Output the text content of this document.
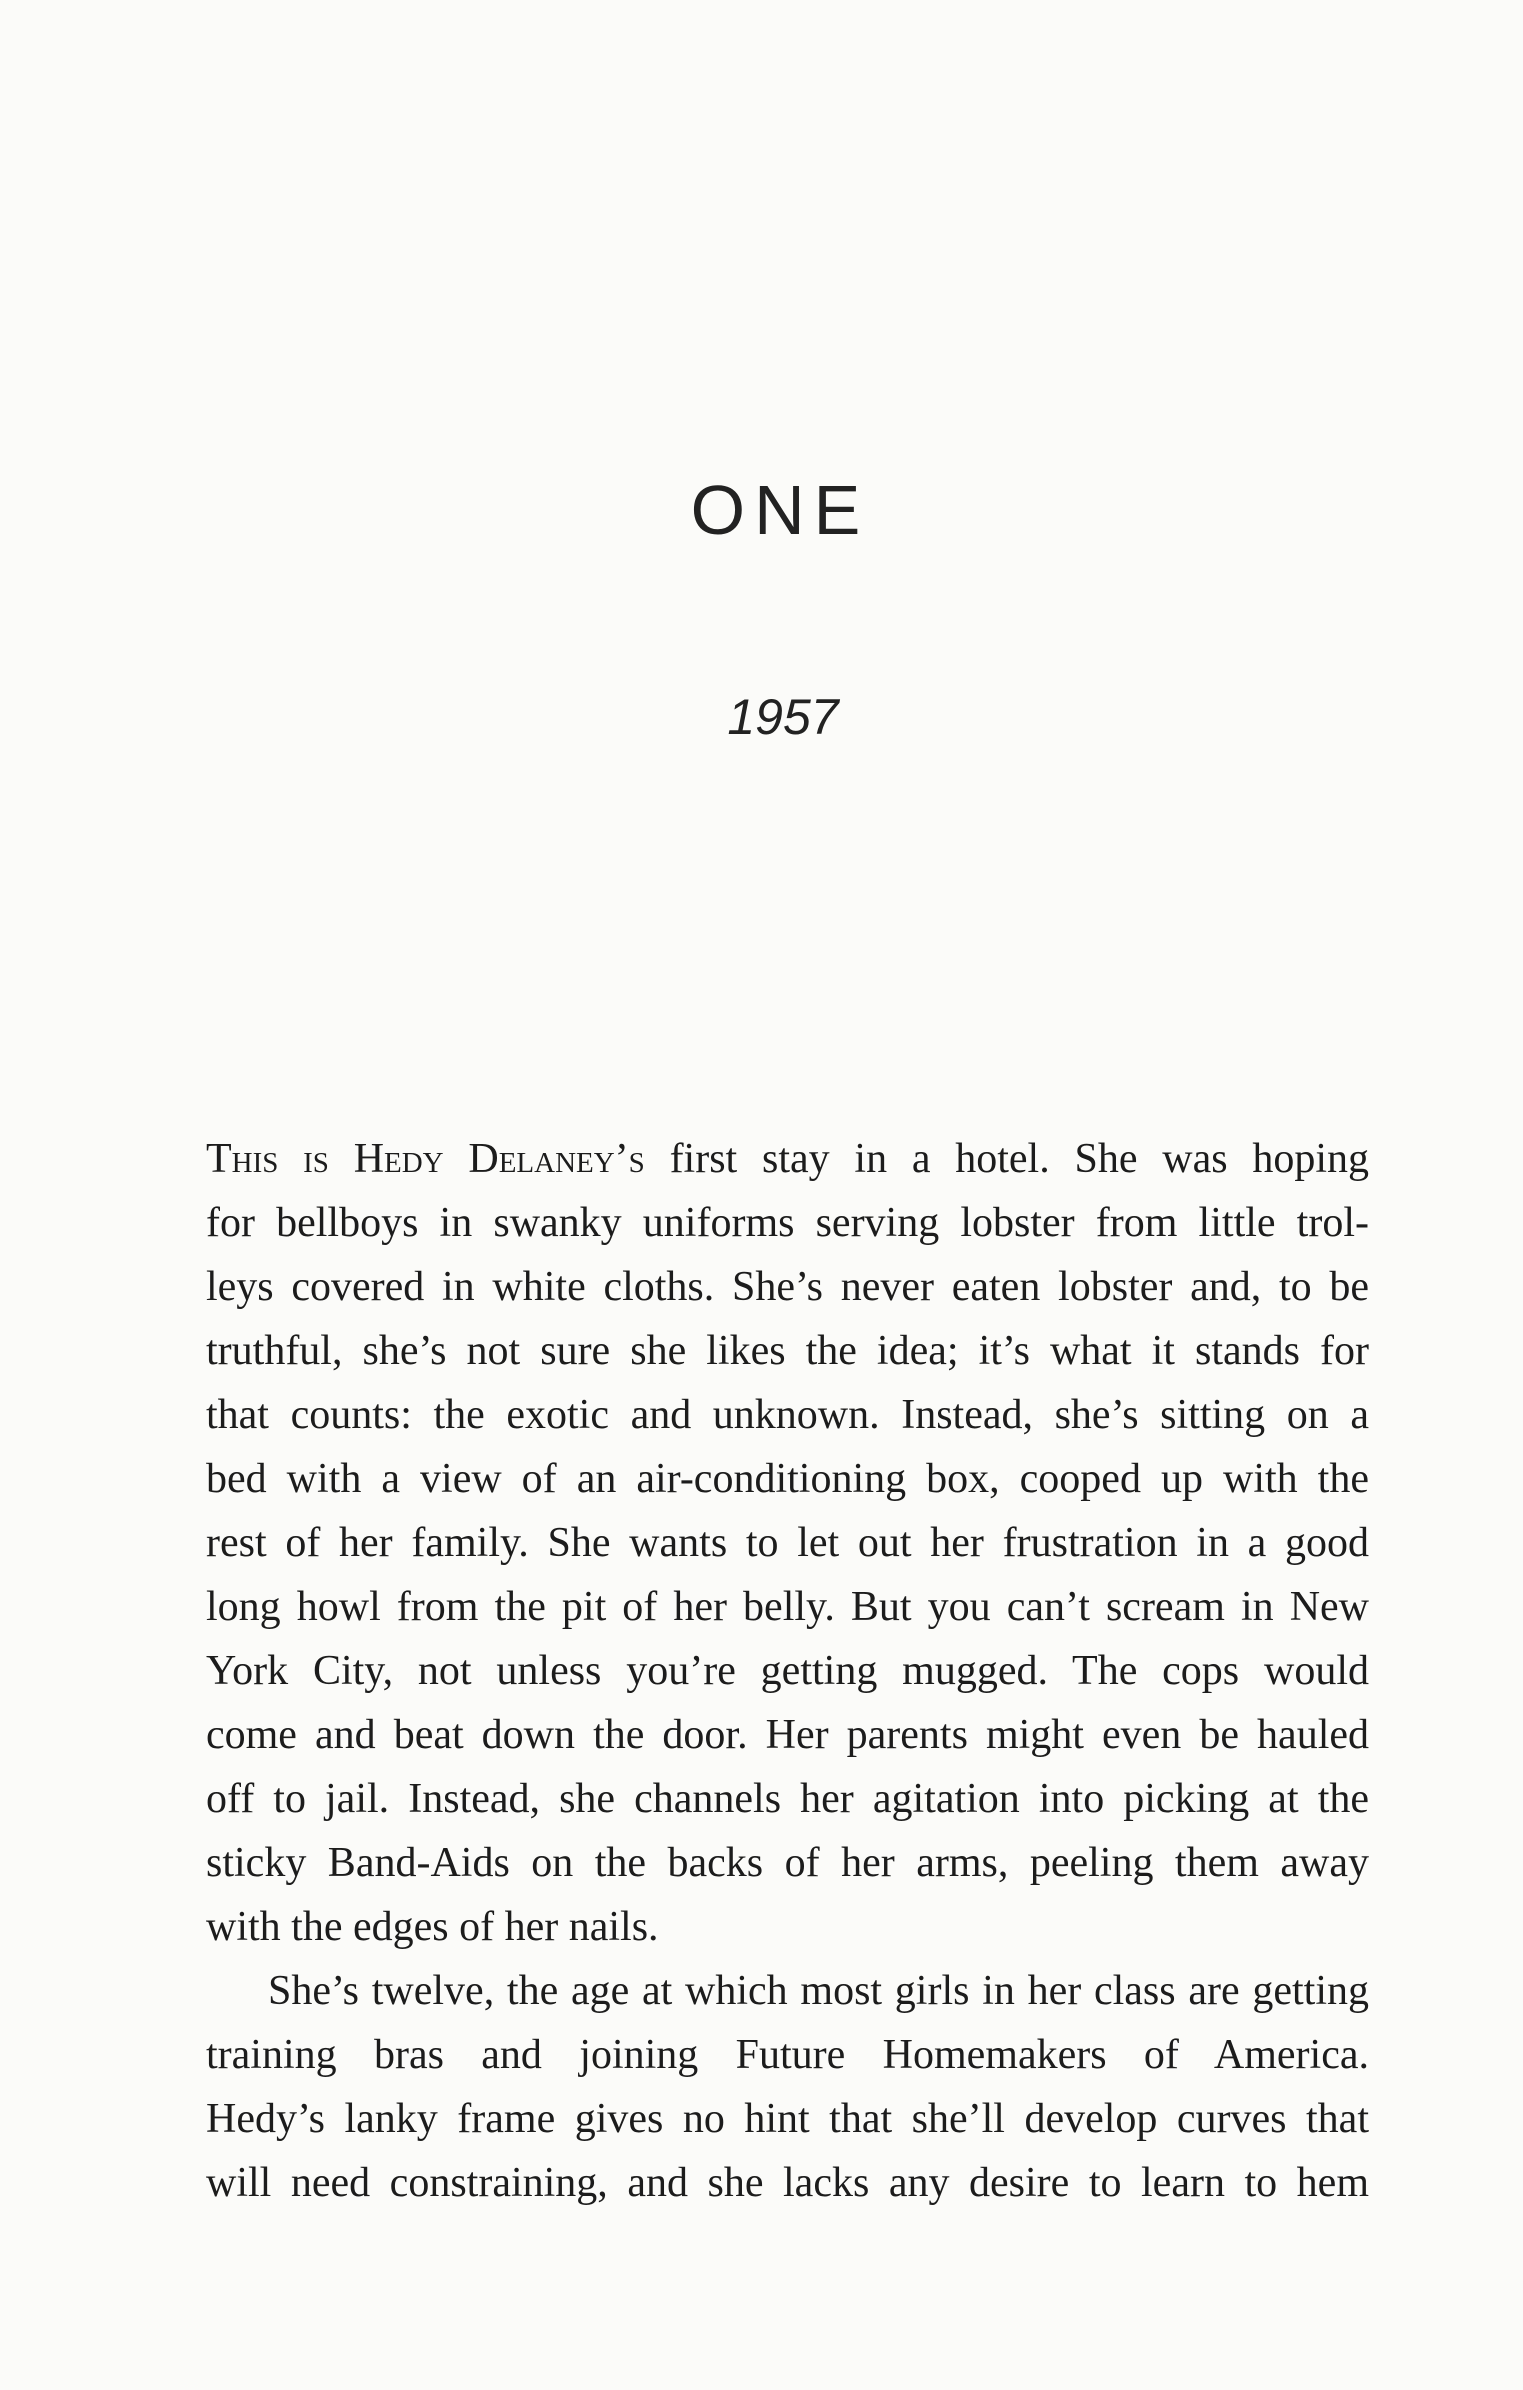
ONE
1957
This is Hedy Delaney’s first stay in a hotel. She was hoping
for bellboys in swanky uniforms serving lobster from little trol-
leys covered in white cloths. She’s never eaten lobster and, to be
truthful, she’s not sure she likes the idea; it’s what it stands for
that counts: the exotic and unknown. Instead, she’s sitting on a
bed with a view of an air-conditioning box, cooped up with the
rest of her family. She wants to let out her frustration in a good
long howl from the pit of her belly. But you can’t scream in New
York City, not unless you’re getting mugged. The cops would
come and beat down the door. Her parents might even be hauled
off to jail. Instead, she channels her agitation into picking at the
sticky Band-Aids on the backs of her arms, peeling them away
with the edges of her nails.
She’s twelve, the age at which most girls in her class are getting
training bras and joining Future Homemakers of America.
Hedy’s lanky frame gives no hint that she’ll develop curves that
will need constraining, and she lacks any desire to learn to hem
